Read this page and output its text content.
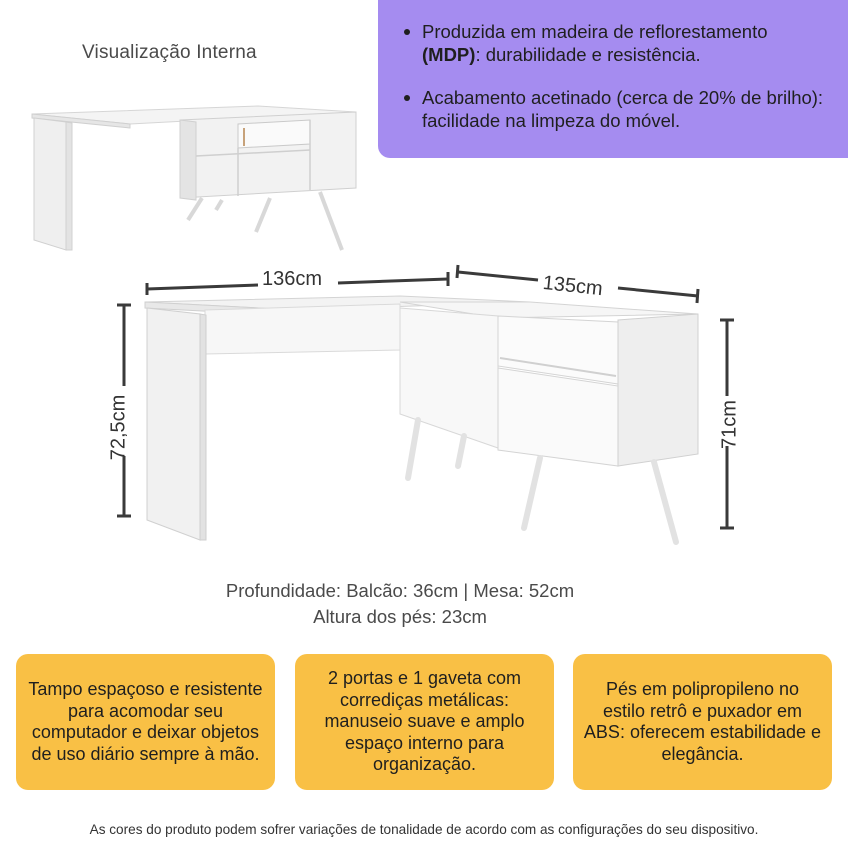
Visualização Interna
Produzida em madeira de reflorestamento (MDP): durabilidade e resistência.
Acabamento acetinado (cerca de 20% de brilho): facilidade na limpeza do móvel.
136cm	135cm
72,5cm	71cm
Profundidade: Balcão: 36cm | Mesa: 52cm
Altura dos pés: 23cm
Tampo espaçoso e resistente para acomodar seu computador e deixar objetos de uso diário sempre à mão.
2 portas e 1 gaveta com corrediças metálicas: manuseio suave e amplo espaço interno para organização.
Pés em polipropileno no estilo retrô e puxador em ABS: oferecem estabilidade e elegância.
As cores do produto podem sofrer variações de tonalidade de acordo com as configurações do seu dispositivo.
